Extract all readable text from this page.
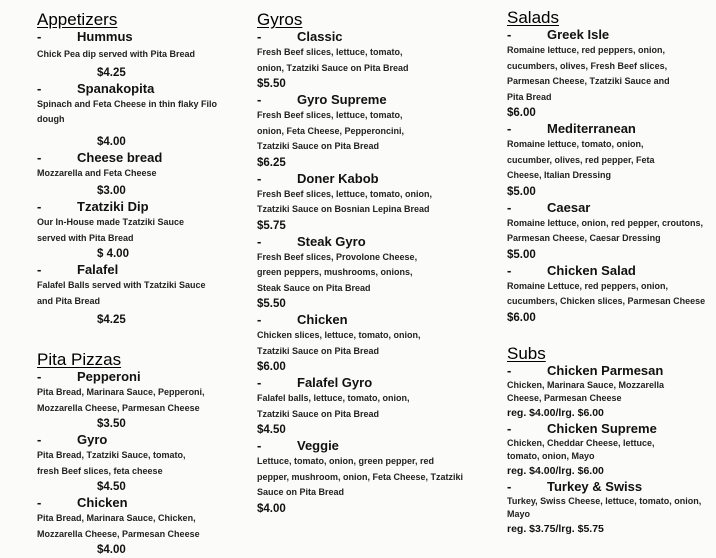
Appetizers
-	Hummus
Chick Pea dip served with Pita Bread
$4.25
-	Spanakopita
Spinach and Feta Cheese in thin flaky Filo dough
$4.00
-	Cheese bread
Mozzarella and Feta Cheese
$3.00
-	Tzatziki Dip
Our In-House made Tzatziki Sauce served with Pita Bread
$ 4.00
-	Falafel
Falafel Balls served with Tzatziki Sauce and Pita Bread
$4.25
Pita Pizzas
-	Pepperoni
Pita Bread, Marinara Sauce, Pepperoni, Mozzarella Cheese, Parmesan Cheese
$3.50
-	Gyro
Pita Bread, Tzatziki Sauce, tomato, fresh Beef slices, feta cheese
$4.50
-	Chicken
Pita Bread, Marinara Sauce, Chicken, Mozzarella Cheese, Parmesan Cheese
$4.00
Gyros
-	Classic
Fresh Beef slices, lettuce, tomato, onion, Tzatziki Sauce on Pita Bread
$5.50
-	Gyro Supreme
Fresh Beef slices, lettuce, tomato, onion, Feta Cheese, Pepperoncini, Tzatziki Sauce on Pita Bread
$6.25
-	Doner Kabob
Fresh Beef slices, lettuce, tomato, onion, Tzatziki Sauce on Bosnian Lepina Bread
$5.75
-	Steak Gyro
Fresh Beef slices, Provolone Cheese, green peppers, mushrooms, onions, Steak Sauce on Pita Bread
$5.50
-	Chicken
Chicken slices, lettuce, tomato, onion, Tzatziki Sauce on Pita Bread
$6.00
-	Falafel Gyro
Falafel balls, lettuce, tomato, onion, Tzatziki Sauce on Pita Bread
$4.50
-	Veggie
Lettuce, tomato, onion, green pepper, red pepper, mushroom, onion, Feta Cheese, Tzatziki Sauce on Pita Bread
$4.00
Salads
-	Greek Isle
Romaine lettuce, red peppers, onion, cucumbers, olives, Fresh Beef slices, Parmesan Cheese, Tzatziki Sauce and Pita Bread
$6.00
-	Mediterranean
Romaine lettuce, tomato, onion, cucumber, olives, red pepper, Feta Cheese, Italian Dressing
$5.00
-	Caesar
Romaine lettuce, onion, red pepper, croutons, Parmesan Cheese, Caesar Dressing
$5.00
-	Chicken Salad
Romaine Lettuce, red peppers, onion, cucumbers, Chicken slices, Parmesan Cheese
$6.00
Subs
-	Chicken Parmesan
Chicken, Marinara Sauce, Mozzarella Cheese, Parmesan Cheese
reg. $4.00/lrg. $6.00
-	Chicken Supreme
Chicken, Cheddar Cheese, lettuce, tomato, onion, Mayo
reg. $4.00/lrg. $6.00
-	Turkey & Swiss
Turkey, Swiss Cheese, lettuce, tomato, onion, Mayo
reg. $3.75/lrg. $5.75
